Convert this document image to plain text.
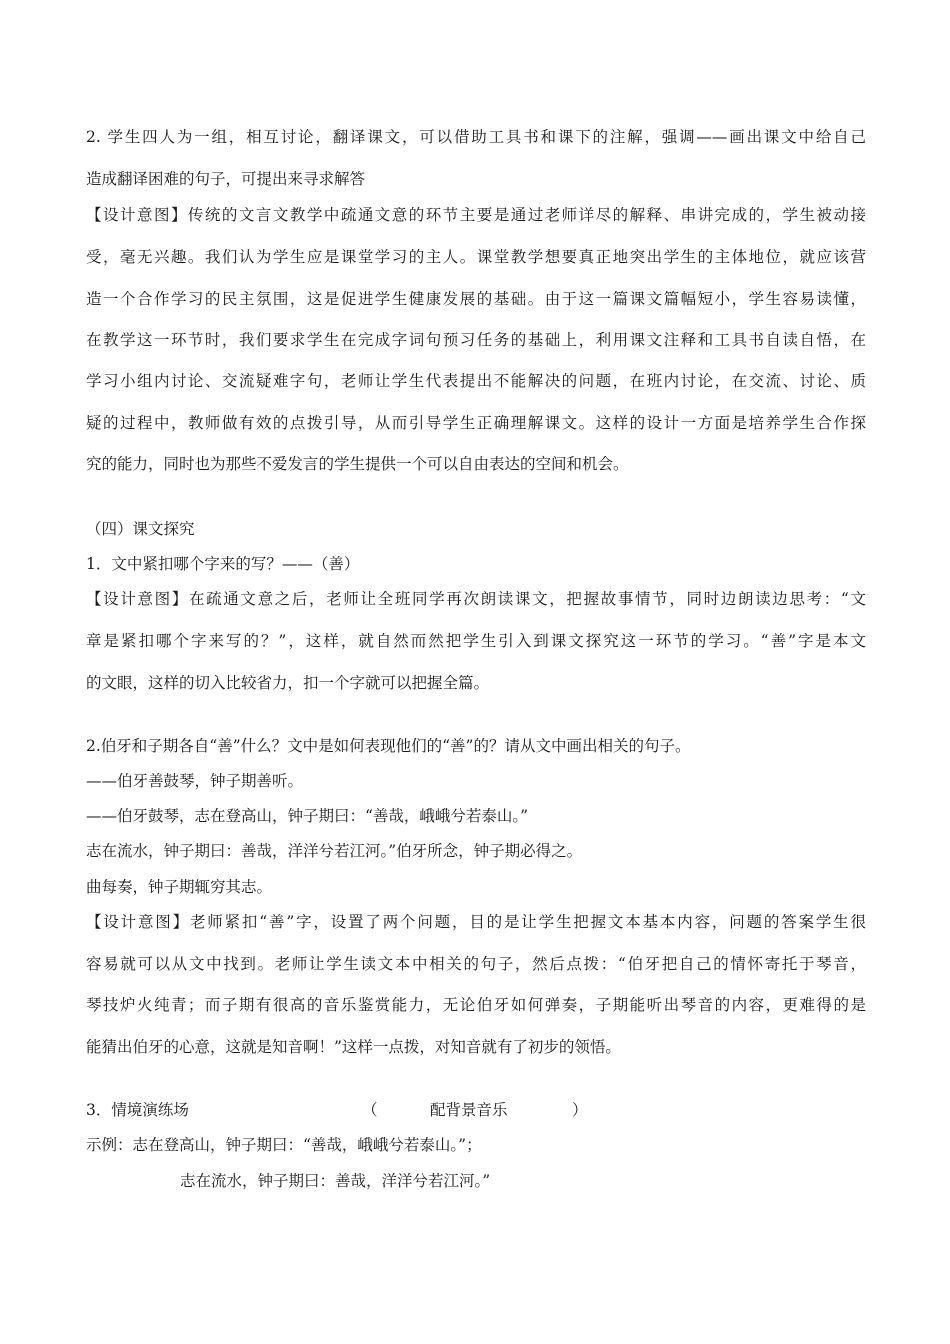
2. 学生四人为一组，相互讨论，翻译课文，可以借助工具书和课下的注解，强调——画出课文中给自己
造成翻译困难的句子，可提出来寻求解答
【设计意图】传统的文言文教学中疏通文意的环节主要是通过老师详尽的解释、串讲完成的，学生被动接
受，毫无兴趣。我们认为学生应是课堂学习的主人。课堂教学想要真正地突出学生的主体地位，就应该营
造一个合作学习的民主氛围，这是促进学生健康发展的基础。由于这一篇课文篇幅短小，学生容易读懂，
在教学这一环节时，我们要求学生在完成字词句预习任务的基础上，利用课文注释和工具书自读自悟，在
学习小组内讨论、交流疑难字句，老师让学生代表提出不能解决的问题，在班内讨论，在交流、讨论、质
疑的过程中，教师做有效的点拨引导，从而引导学生正确理解课文。这样的设计一方面是培养学生合作探
究的能力，同时也为那些不爱发言的学生提供一个可以自由表达的空间和机会。
（四）课文探究
1．文中紧扣哪个字来的写？——（善）
【设计意图】在疏通文意之后，老师让全班同学再次朗读课文，把握故事情节，同时边朗读边思考：“文
章是紧扣哪个字来写的？”，这样，就自然而然把学生引入到课文探究这一环节的学习。“善”字是本文
的文眼，这样的切入比较省力，扣一个字就可以把握全篇。
2.伯牙和子期各自“善”什么？文中是如何表现他们的“善”的？请从文中画出相关的句子。
——伯牙善鼓琴，钟子期善听。
——伯牙鼓琴，志在登高山，钟子期曰：“善哉，峨峨兮若泰山。”
志在流水，钟子期曰：善哉，洋洋兮若江河。”伯牙所念，钟子期必得之。
曲每奏，钟子期辄穷其志。
【设计意图】老师紧扣“善”字，设置了两个问题，目的是让学生把握文本基本内容，问题的答案学生很
容易就可以从文中找到。老师让学生读文本中相关的句子，然后点拨：“伯牙把自己的情怀寄托于琴音，
琴技炉火纯青；而子期有很高的音乐鉴赏能力，无论伯牙如何弹奏，子期能听出琴音的内容，更难得的是
能猜出伯牙的心意，这就是知音啊！”这样一点拨，对知音就有了初步的领悟。
3．情境演练场	（	配背景音乐	）
示例：志在登高山，钟子期曰：“善哉，峨峨兮若泰山。”；
志在流水，钟子期曰：善哉，洋洋兮若江河。”
